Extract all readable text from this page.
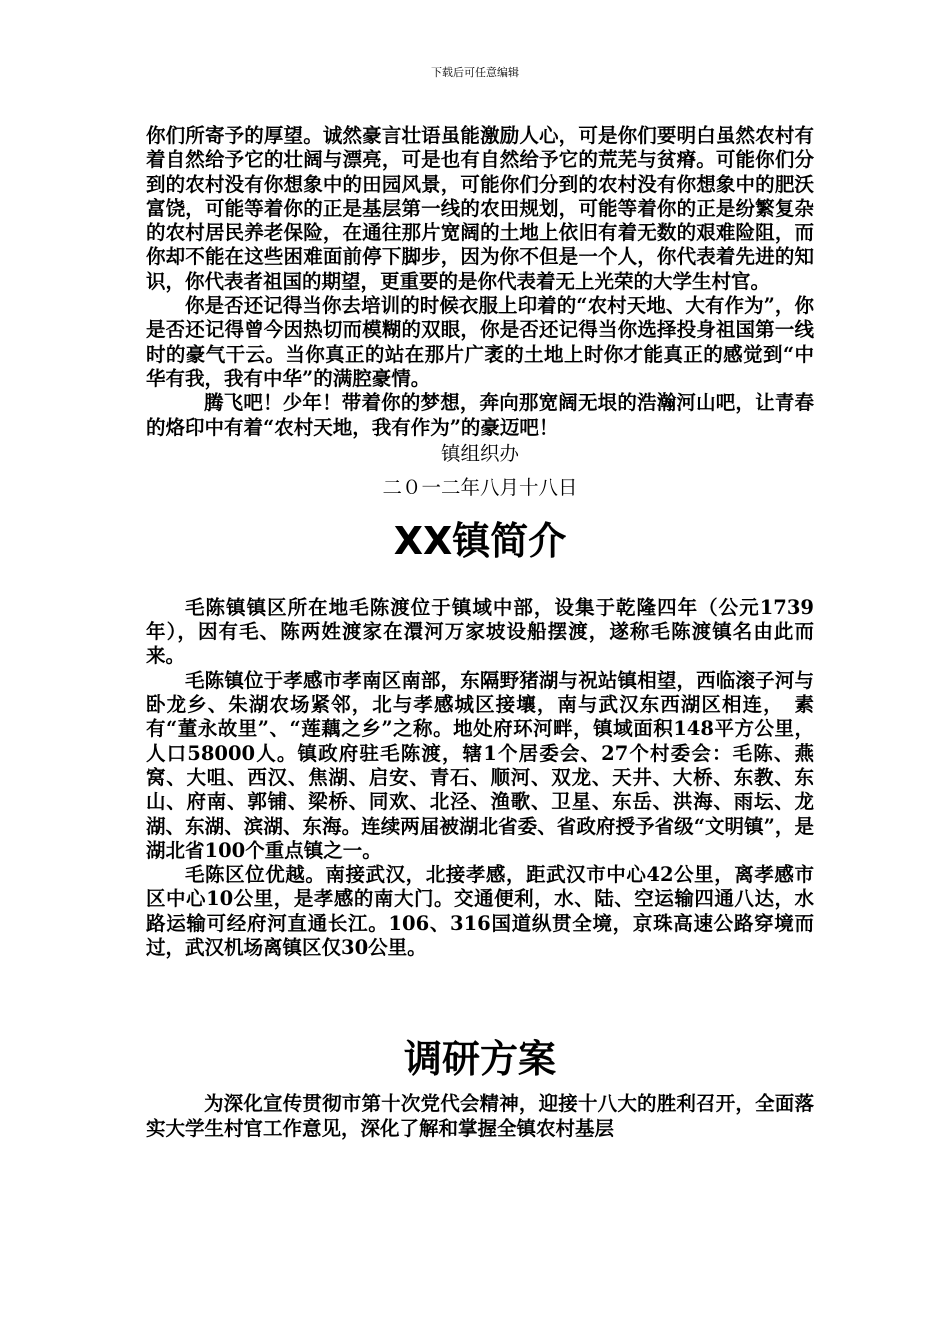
下载后可任意编辑

你们所寄予的厚望。诚然豪言壮语虽能激励人心，可是你们要明白虽然农村有着自然给予它的壮阔与漂亮，可是也有自然给予它的荒芜与贫瘠。可能你们分到的农村没有你想象中的田园风景，可能你们分到的农村没有你想象中的肥沃富饶，可能等着你的正是基层第一线的农田规划，可能等着你的正是纷繁复杂的农村居民养老保险，在通往那片宽阔的土地上依旧有着无数的艰难险阻，而你却不能在这些困难面前停下脚步，因为你不但是一个人，你代表着先进的知识，你代表者祖国的期望，更重要的是你代表着无上光荣的大学生村官。

你是否还记得当你去培训的时候衣服上印着的“农村天地、大有作为”，你是否还记得曾今因热切而模糊的双眼，你是否还记得当你选择投身祖国第一线时的豪气干云。当你真正的站在那片广袤的土地上时你才能真正的感觉到“中华有我，我有中华”的满腔豪情。

腾飞吧！少年！带着你的梦想，奔向那宽阔无垠的浩瀚河山吧，让青春的烙印中有着“农村天地，我有作为”的豪迈吧！

镇组织办

二０一二年八月十八日

XX镇简介

毛陈镇镇区所在地毛陈渡位于镇域中部，设集于乾隆四年（公元1739年），因有毛、陈两姓渡家在澴河万家坡设船摆渡，遂称毛陈渡镇名由此而来。

毛陈镇位于孝感市孝南区南部，东隔野猪湖与祝站镇相望，西临滚子河与卧龙乡、朱湖农场紧邻，北与孝感城区接壤，南与武汉东西湖区相连，　素有“董永故里”、“莲藕之乡”之称。地处府环河畔，镇域面积148平方公里，人口58000人。镇政府驻毛陈渡，辖1个居委会、27个村委会：毛陈、燕窝、大咀、西汉、焦湖、启安、青石、顺河、双龙、天井、大桥、东教、东山、府南、郭铺、梁桥、同欢、北泾、渔歌、卫星、东岳、洪海、雨坛、龙湖、东湖、滨湖、东海。连续两届被湖北省委、省政府授予省级“文明镇”，是湖北省100个重点镇之一。

毛陈区位优越。南接武汉，北接孝感，距武汉市中心42公里，离孝感市区中心10公里，是孝感的南大门。交通便利，水、陆、空运输四通八达，水路运输可经府河直通长江。106、316国道纵贯全境，京珠高速公路穿境而过，武汉机场离镇区仅30公里。

调研方案

为深化宣传贯彻市第十次党代会精神，迎接十八大的胜利召开，全面落实大学生村官工作意见，深化了解和掌握全镇农村基层
